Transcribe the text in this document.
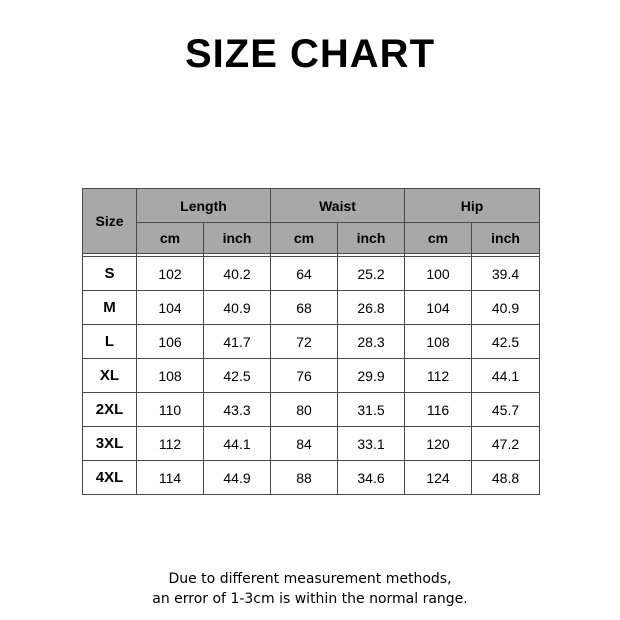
SIZE CHART
Size	Length		Waist		Hip	
	cm	inch	cm	inch	cm	inch

S	102	40.2	64	25.2	100	39.4
M	104	40.9	68	26.8	104	40.9
L	106	41.7	72	28.3	108	42.5
XL	108	42.5	76	29.9	112	44.1
2XL	110	43.3	80	31.5	116	45.7
3XL	112	44.1	84	33.1	120	47.2
4XL	114	44.9	88	34.6	124	48.8
Due to different measurement methods,
an error of 1-3cm is within the normal range.
